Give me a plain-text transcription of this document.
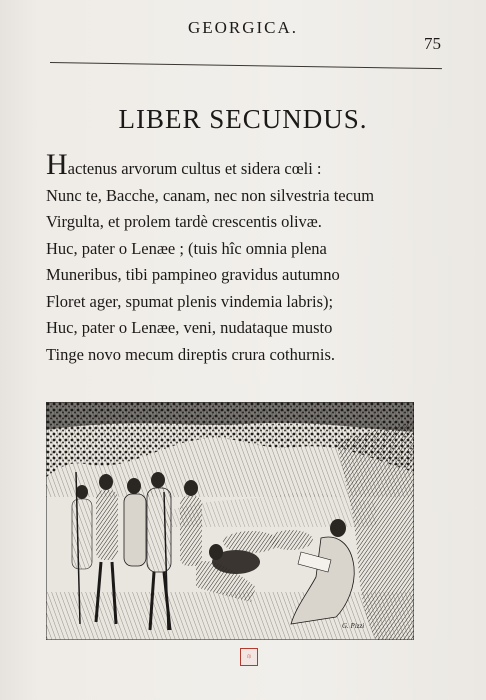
GEORGICA.
75
LIBER SECUNDUS.
Hactenus arvorum cultus et sidera cœli :
Nunc te, Bacche, canam, nec non silvestria tecum
Virgulta, et prolem tardè crescentis olivæ.
Huc, pater o Lenæe ; (tuis hîc omnia plena
Muneribus, tibi pampineo gravidus autumno
Floret ager, spumat plenis vindemia labris);
Huc, pater o Lenæe, veni, nudataque musto
Tinge novo mecum direptis crura cothurnis.
G. Pizzi
印
